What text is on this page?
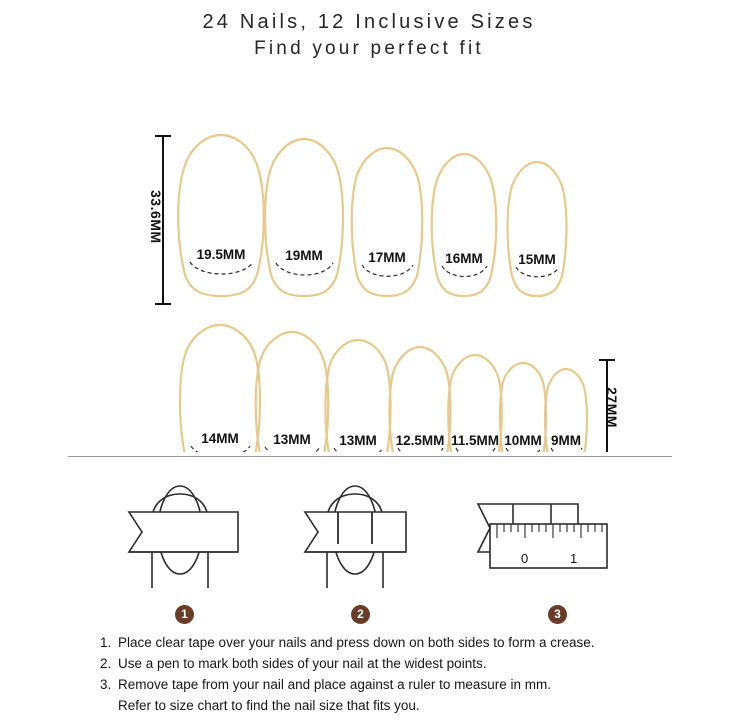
24 Nails, 12 Inclusive Sizes
Find your perfect fit
19.5MM	19MM	17MM	16MM	15MM
14MM	13MM 13MM 12.5MM 11.5MM 10MM 9MM
33.6MM
27MM
0	1
1	2	3
1. Place clear tape over your nails and press down on both sides to form a crease.
2. Use a pen to mark both sides of your nail at the widest points.
3. Remove tape from your nail and place against a ruler to measure in mm.
Refer to size chart to find the nail size that fits you.
